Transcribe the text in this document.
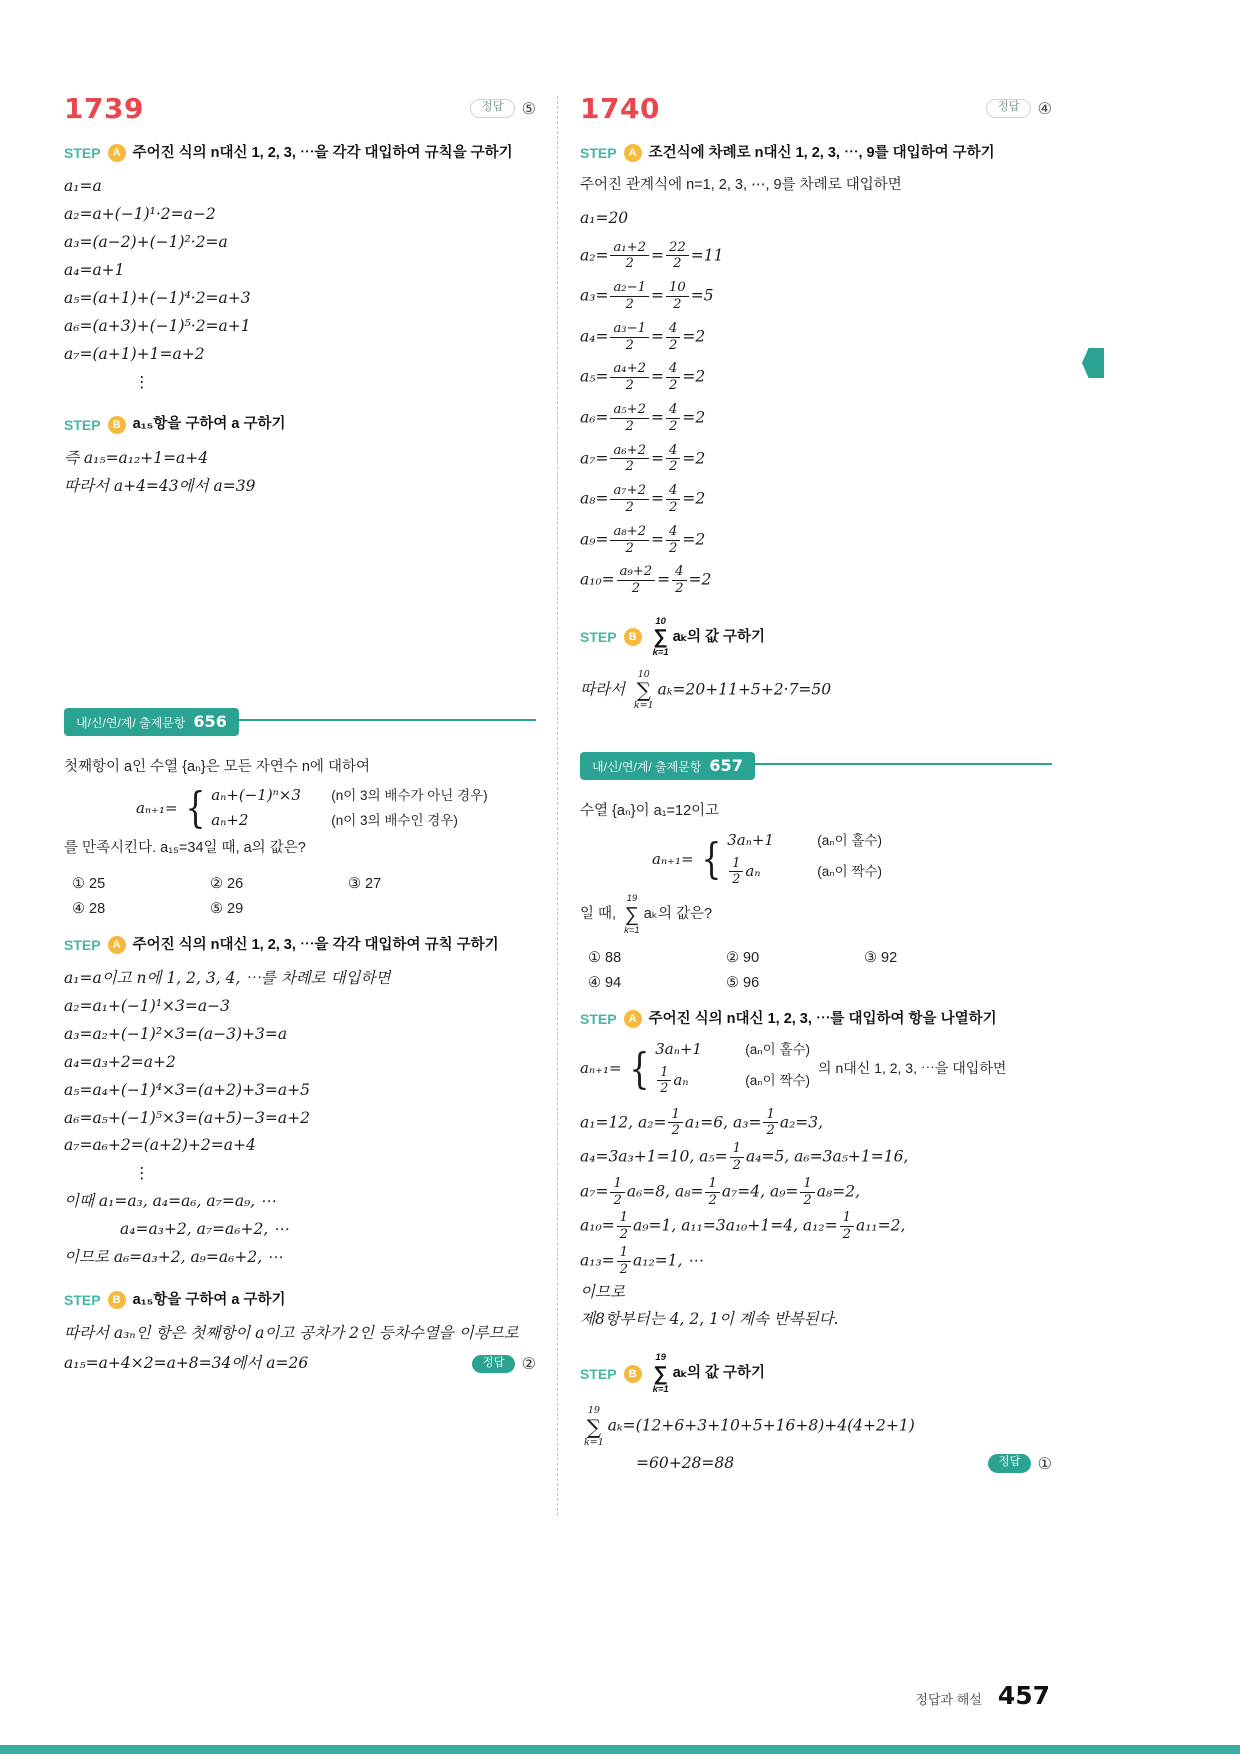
1739	정답	⑤
STEP	A 주어진 식의 n대신 1, 2, 3, ⋯을 각각 대입하여 규칙을 구하기
a₁=a
a₂=a+(−1)¹·2=a−2
a₃=(a−2)+(−1)²·2=a
a₄=a+1
a₅=(a+1)+(−1)⁴·2=a+3
a₆=(a+3)+(−1)⁵·2=a+1
a₇=(a+1)+1=a+2
⋮
STEP	B a₁₅항을 구하여 a 구하기
즉 a₁₅=a₁₂+1=a+4
따라서 a+4=43에서 a=39
내/신/연/계/ 출제문항 656

첫째항이 a인 수열 {aₙ}은 모든 자연수 n에 대하여

aₙ₊₁= { aₙ+(−1)ⁿ×3	(n이 3의 배수가 아닌 경우)
aₙ+2	(n이 3의 배수인 경우)

를 만족시킨다. a₁₅=34일 때, a의 값은?

① 25	② 26	③ 27
④ 28	⑤ 29
STEP	A 주어진 식의 n대신 1, 2, 3, ⋯을 각각 대입하여 규칙 구하기
a₁=a이고 n에 1, 2, 3, 4, ⋯를 차례로 대입하면
a₂=a₁+(−1)¹×3=a−3
a₃=a₂+(−1)²×3=(a−3)+3=a
a₄=a₃+2=a+2
a₅=a₄+(−1)⁴×3=(a+2)+3=a+5
a₆=a₅+(−1)⁵×3=(a+5)−3=a+2
a₇=a₆+2=(a+2)+2=a+4
⋮
이때 a₁=a₃, a₄=a₆, a₇=a₉, ⋯
a₄=a₃+2, a₇=a₆+2, ⋯
이므로 a₆=a₃+2, a₉=a₆+2, ⋯
STEP	B a₁₅항을 구하여 a 구하기
따라서 a₃ₙ인 항은 첫째항이 a이고 공차가 2인 등차수열을 이루므로
a₁₅=a+4×2=a+8=34에서 a=26	정답	②
1740	정답	④
STEP	A 조건식에 차례로 n대신 1, 2, 3, ⋯, 9를 대입하여 구하기

주어진 관계식에 n=1, 2, 3, ⋯, 9를 차례로 대입하면

a₁=20
$a_2= \frac{\text{a₁+2}}{2} = \frac{22}{2} =11$
$a_3= \frac{\text{a₂−1}}{2} = \frac{10}{2} =5$
$a_4= \frac{\text{a₃−1}}{2} = \frac{4}{2} =2$
$a_5= \frac{\text{a₄+2}}{2} = \frac{4}{2} =2$
$a_6= \frac{\text{a₅+2}}{2} = \frac{4}{2} =2$
$a_7= \frac{\text{a₆+2}}{2} = \frac{4}{2} =2$
$a_8= \frac{\text{a₇+2}}{2} = \frac{4}{2} =2$
$a_9= \frac{\text{a₈+2}}{2} = \frac{4}{2} =2$
$a_{10}= \frac{\text{a₉+2}}{2} = \frac{4}{2} =2$
STEP	B
10
∑
k=1
aₖ의 값 구하기
따라서
10
∑
k=1
aₖ=20+11+5+2·7=50
내/신/연/계/ 출제문항 657

수열 {aₙ}이 a₁=12이고

aₙ₊₁= { 3aₙ+1	(aₙ이 홀수)
$\frac{1}{2}$ aₙ	(aₙ이 짝수)

일 때,
19
∑
k=1
aₖ의 값은?

① 88	② 90	③ 92
④ 94	⑤ 96
STEP	A 주어진 식의 n대신 1, 2, 3, ⋯를 대입하여 항을 나열하기
aₙ₊₁= { 3aₙ+1	(aₙ이 홀수)
$\frac{1}{2}$ aₙ	(aₙ이 짝수)
의 n대신 1, 2, 3, ⋯을 대입하면
a₁=12, $a_2= \frac{1}{2} a_1=6$, $a_3= \frac{1}{2} a_2=3$,
a₄=3a₃+1=10, $a_5= \frac{1}{2} a_4=5$, a₆=3a₅+1=16,
$a_7= \frac{1}{2} a_6=8$, $a_8= \frac{1}{2} a_7=4$, $a_9= \frac{1}{2} a_8=2$,
$a_{10}= \frac{1}{2} a_9=1$, a₁₁=3a₁₀+1=4, $a_{12}= \frac{1}{2} a_{11}=2$,
$a_{13}= \frac{1}{2} a_{12}=1$, ⋯
이므로
제8항부터는 4, 2, 1이 계속 반복된다.
STEP	B
19
∑
k=1
aₖ의 값 구하기
19
∑
k=1
aₖ=(12+6+3+10+5+16+8)+4(4+2+1)
=60+28=88	정답	①
정답과 해설 457
